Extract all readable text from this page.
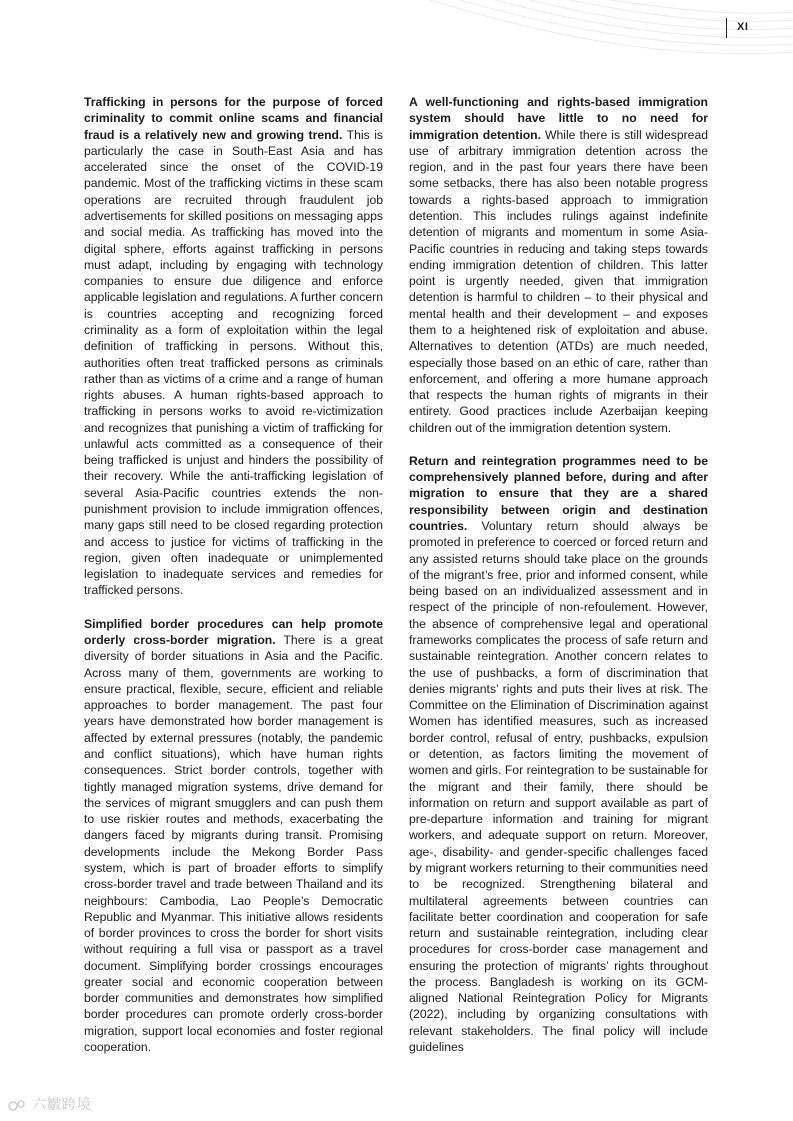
XI

Trafficking in persons for the purpose of forced criminality to commit online scams and financial fraud is a relatively new and growing trend. This is particularly the case in South-East Asia and has accelerated since the onset of the COVID-19 pandemic. Most of the trafficking victims in these scam operations are recruited through fraudulent job advertisements for skilled positions on messaging apps and social media. As trafficking has moved into the digital sphere, efforts against trafficking in persons must adapt, including by engaging with technology companies to ensure due diligence and enforce applicable legislation and regulations. A further concern is countries accepting and recognizing forced criminality as a form of exploitation within the legal definition of trafficking in persons. Without this, authorities often treat trafficked persons as criminals rather than as victims of a crime and a range of human rights abuses. A human rights-based approach to trafficking in persons works to avoid re-victimization and recognizes that punishing a victim of trafficking for unlawful acts committed as a consequence of their being trafficked is unjust and hinders the possibility of their recovery. While the anti-trafficking legislation of several Asia-Pacific countries extends the non-punishment provision to include immigration offences, many gaps still need to be closed regarding protection and access to justice for victims of trafficking in the region, given often inadequate or unimplemented legislation to inadequate services and remedies for trafficked persons.

Simplified border procedures can help promote orderly cross-border migration. There is a great diversity of border situations in Asia and the Pacific. Across many of them, governments are working to ensure practical, flexible, secure, efficient and reliable approaches to border management. The past four years have demonstrated how border management is affected by external pressures (notably, the pandemic and conflict situations), which have human rights consequences. Strict border controls, together with tightly managed migration systems, drive demand for the services of migrant smugglers and can push them to use riskier routes and methods, exacerbating the dangers faced by migrants during transit. Promising developments include the Mekong Border Pass system, which is part of broader efforts to simplify cross-border travel and trade between Thailand and its neighbours: Cambodia, Lao People’s Democratic Republic and Myanmar. This initiative allows residents of border provinces to cross the border for short visits without requiring a full visa or passport as a travel document. Simplifying border crossings encourages greater social and economic cooperation between border communities and demonstrates how simplified border procedures can promote orderly cross-border migration, support local economies and foster regional cooperation.

A well-functioning and rights-based immigration system should have little to no need for immigration detention. While there is still widespread use of arbitrary immigration detention across the region, and in the past four years there have been some setbacks, there has also been notable progress towards a rights-based approach to immigration detention. This includes rulings against indefinite detention of migrants and momentum in some Asia-Pacific countries in reducing and taking steps towards ending immigration detention of children. This latter point is urgently needed, given that immigration detention is harmful to children – to their physical and mental health and their development – and exposes them to a heightened risk of exploitation and abuse. Alternatives to detention (ATDs) are much needed, especially those based on an ethic of care, rather than enforcement, and offering a more humane approach that respects the human rights of migrants in their entirety. Good practices include Azerbaijan keeping children out of the immigration detention system.

Return and reintegration programmes need to be comprehensively planned before, during and after migration to ensure that they are a shared responsibility between origin and destination countries. Voluntary return should always be promoted in preference to coerced or forced return and any assisted returns should take place on the grounds of the migrant’s free, prior and informed consent, while being based on an individualized assessment and in respect of the principle of non-refoulement. However, the absence of comprehensive legal and operational frameworks complicates the process of safe return and sustainable reintegration. Another concern relates to the use of pushbacks, a form of discrimination that denies migrants’ rights and puts their lives at risk. The Committee on the Elimination of Discrimination against Women has identified measures, such as increased border control, refusal of entry, pushbacks, expulsion or detention, as factors limiting the movement of women and girls. For reintegration to be sustainable for the migrant and their family, there should be information on return and support available as part of pre-departure information and training for migrant workers, and adequate support on return. Moreover, age-, disability- and gender-specific challenges faced by migrant workers returning to their communities need to be recognized. Strengthening bilateral and multilateral agreements between countries can facilitate better coordination and cooperation for safe return and sustainable reintegration, including clear procedures for cross-border case management and ensuring the protection of migrants’ rights throughout the process. Bangladesh is working on its GCM-aligned National Reintegration Policy for Migrants (2022), including by organizing consultations with relevant stakeholders. The final policy will include guidelines

六皺跨境
